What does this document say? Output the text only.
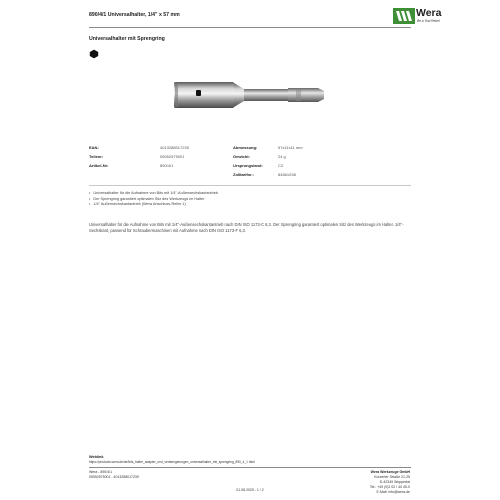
890/4/1 Universalhalter, 1/4" x 57 mm	Wera
Be a Tool Rebel
Universalhalter mit Sprengring
EAN:	4013288017239
Teilenr:	05052575001
Artikel-Nr:	890/4/1
Abmessung:	57x11x11 mm
Gewicht:	24 g
Ursprungsland:	CZ
Zolltarifnr.:	84661038
• Universalhalter für die Aufnahme von Bits mit 1/4"-Außensechskantantrieb
• Der Sprengring garantiert optimalen Sitz des Werkzeugs im Halter
• 1/4" Außensechskantantrieb (Wera Anschluss-Reihe 1)
Universalhalter für die Aufnahme von Bits mit 1/4"-Außensechskantantrieb nach DIN ISO 1173-C 6,3. Der Sprengring garantiert optimalen Sitz des Werkzeugs im Halter. 1/4"-Sechskant, passend für Schraubermaschinen mit Aufnahme nach DIN ISO 1173-F 6,3.
Weblink
https://products.wera.de/de/bits_halter_adapter_und_verlaengerungen_universalhalter_mit_sprengring_890_4_1.html
Wera - 890/4/1
05052575001 - 4013288017239
Wera Werkzeuge GmbH
Korzerter Straße 21-25
D-42349 Wuppertal
Tel.: +49 (0)2 02 / 40 45-0
E-Mail: info@wera.de
01.08.2025 - 1 / 2
